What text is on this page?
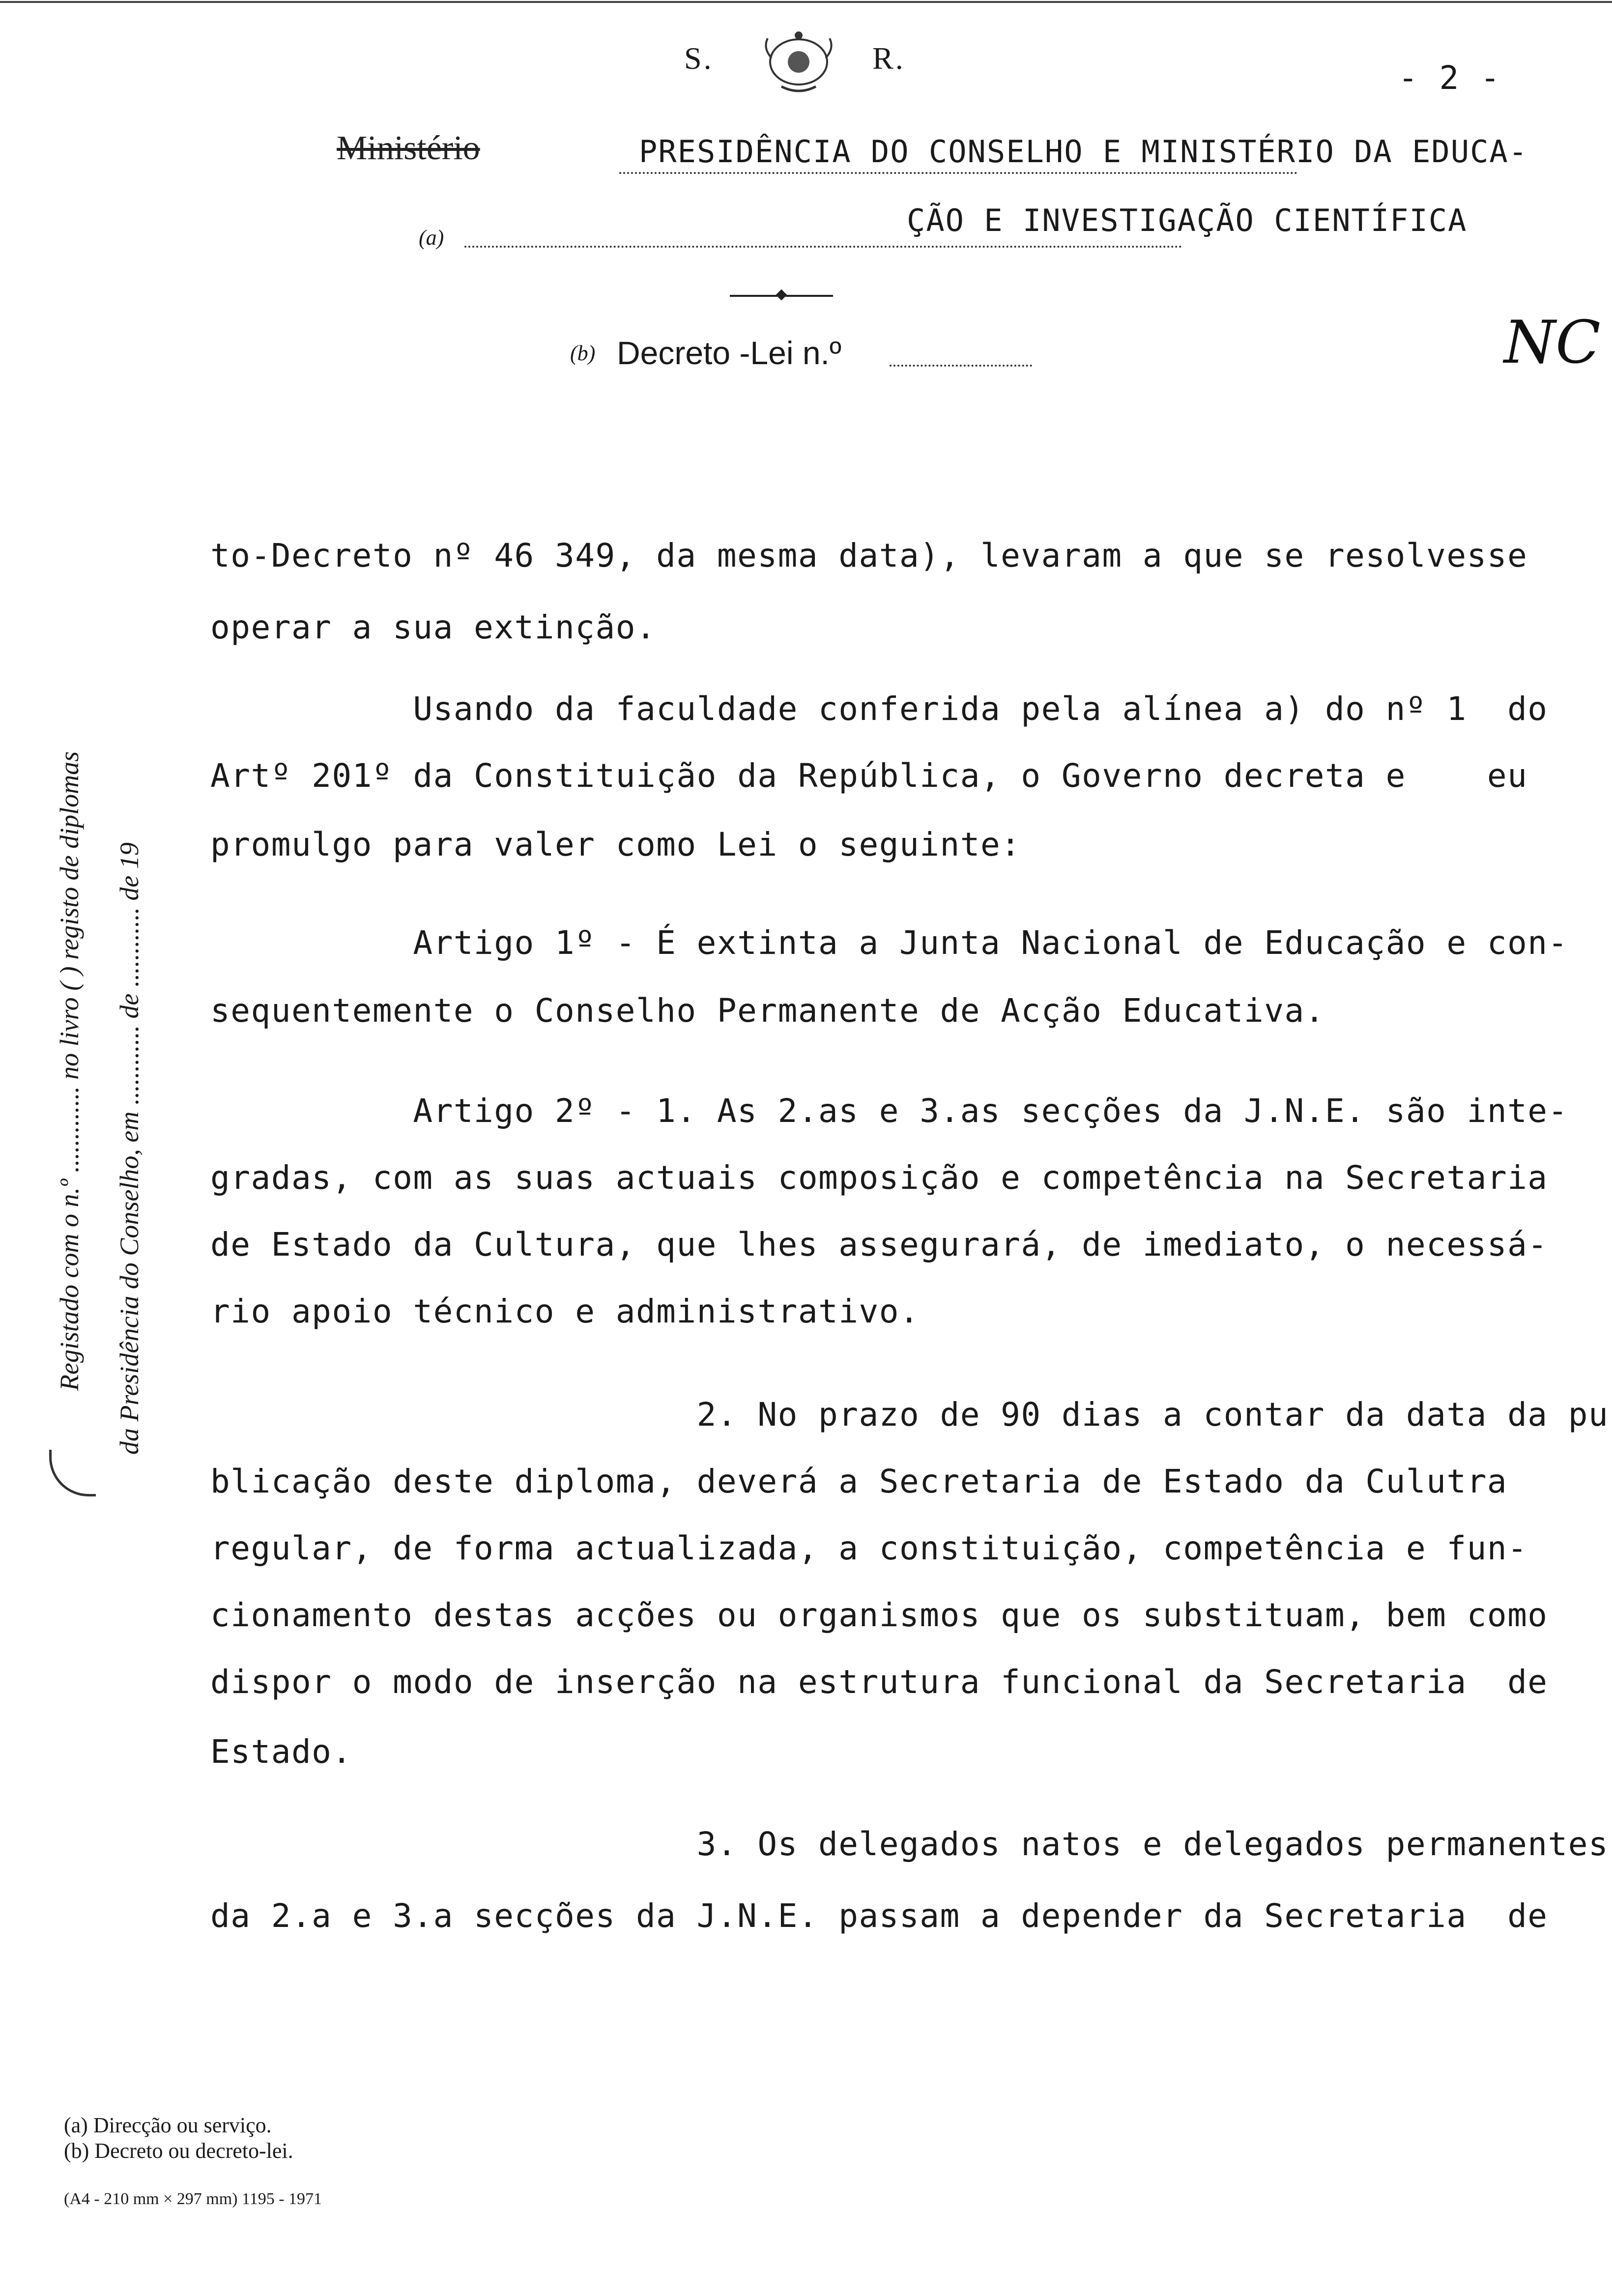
S.	R.
- 2 -
Ministério	PRESIDÊNCIA DO CONSELHO E MINISTÉRIO DA EDUCA-
(a)	ÇÃO E INVESTIGAÇÃO CIENTÍFICA
(b) Decreto -Lei n.º	NC
Registado com o n.º ............. no livro ( ) registo de diplomas da Presidência do Conselho, em ............ de ............ de 19
to-Decreto nº 46 349, da mesma data), levaram a que se resolvesse
operar a sua extinção.
Usando da faculdade conferida pela alínea a) do nº 1  do
Artº 201º da Constituição da República, o Governo decreta e    eu
promulgo para valer como Lei o seguinte:
Artigo 1º - É extinta a Junta Nacional de Educação e con-
sequentemente o Conselho Permanente de Acção Educativa.
Artigo 2º - 1. As 2.as e 3.as secções da J.N.E. são inte-
gradas, com as suas actuais composição e competência na Secretaria
de Estado da Cultura, que lhes assegurará, de imediato, o necessá-
rio apoio técnico e administrativo.
2. No prazo de 90 dias a contar da data da pu
blicação deste diploma, deverá a Secretaria de Estado da Culutra
regular, de forma actualizada, a constituição, competência e fun-
cionamento destas acções ou organismos que os substituam, bem como
dispor o modo de inserção na estrutura funcional da Secretaria  de
Estado.
3. Os delegados natos e delegados permanentes
da 2.a e 3.a secções da J.N.E. passam a depender da Secretaria  de
(a) Direcção ou serviço.
(b) Decreto ou decreto-lei.
(A4 - 210 mm × 297 mm) 1195 - 1971
